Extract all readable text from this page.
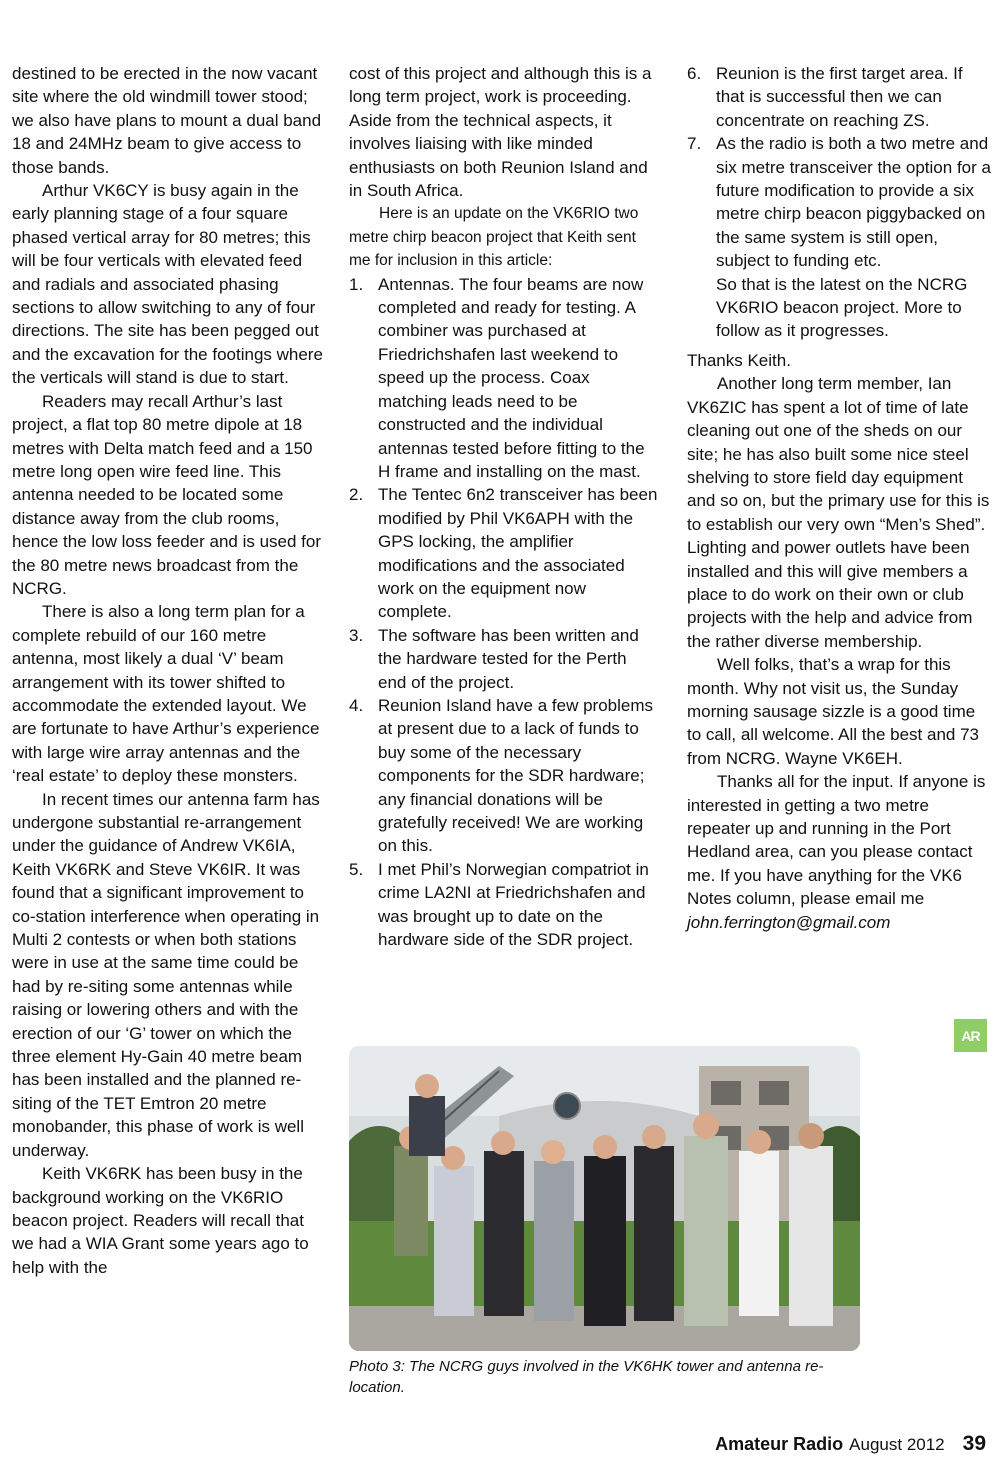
destined to be erected in the now vacant site where the old windmill tower stood; we also have plans to mount a dual band 18 and 24MHz beam to give access to those bands.

Arthur VK6CY is busy again in the early planning stage of a four square phased vertical array for 80 metres; this will be four verticals with elevated feed and radials and associated phasing sections to allow switching to any of four directions. The site has been pegged out and the excavation for the footings where the verticals will stand is due to start.

Readers may recall Arthur’s last project, a flat top 80 metre dipole at 18 metres with Delta match feed and a 150 metre long open wire feed line. This antenna needed to be located some distance away from the club rooms, hence the low loss feeder and is used for the 80 metre news broadcast from the NCRG.

There is also a long term plan for a complete rebuild of our 160 metre antenna, most likely a dual ‘V’ beam arrangement with its tower shifted to accommodate the extended layout. We are fortunate to have Arthur’s experience with large wire array antennas and the ‘real estate’ to deploy these monsters.

In recent times our antenna farm has undergone substantial re-arrangement under the guidance of Andrew VK6IA, Keith VK6RK and Steve VK6IR. It was found that a significant improvement to co-station interference when operating in Multi 2 contests or when both stations were in use at the same time could be had by re-siting some antennas while raising or lowering others and with the erection of our ‘G’ tower on which the three element Hy-Gain 40 metre beam has been installed and the planned re-siting of the TET Emtron 20 metre monobander, this phase of work is well underway.

Keith VK6RK has been busy in the background working on the VK6RIO beacon project. Readers will recall that we had a WIA Grant some years ago to help with the

cost of this project and although this is a long term project, work is proceeding. Aside from the technical aspects, it involves liaising with like minded enthusiasts on both Reunion Island and in South Africa.

Here is an update on the VK6RIO two metre chirp beacon project that Keith sent me for inclusion in this article:

1. Antennas. The four beams are now completed and ready for testing. A combiner was purchased at Friedrichshafen last weekend to speed up the process. Coax matching leads need to be constructed and the individual antennas tested before fitting to the H frame and installing on the mast.
2. The Tentec 6n2 transceiver has been modified by Phil VK6APH with the GPS locking, the amplifier modifications and the associated work on the equipment now complete.
3. The software has been written and the hardware tested for the Perth end of the project.
4. Reunion Island have a few problems at present due to a lack of funds to buy some of the necessary components for the SDR hardware; any financial donations will be gratefully received! We are working on this.
5. I met Phil’s Norwegian compatriot in crime LA2NI at Friedrichshafen and was brought up to date on the hardware side of the SDR project.
6. Reunion is the first target area. If that is successful then we can concentrate on reaching ZS.
7. As the radio is both a two metre and six metre transceiver the option for a future modification to provide a six metre chirp beacon piggybacked on the same system is still open, subject to funding etc.
So that is the latest on the NCRG VK6RIO beacon project. More to follow as it progresses.

Thanks Keith.

Another long term member, Ian VK6ZIC has spent a lot of time of late cleaning out one of the sheds on our site; he has also built some nice steel shelving to store field day equipment and so on, but the primary use for this is to establish our very own “Men’s Shed”. Lighting and power outlets have been installed and this will give members a place to do work on their own or club projects with the help and advice from the rather diverse membership.

Well folks, that’s a wrap for this month. Why not visit us, the Sunday morning sausage sizzle is a good time to call, all welcome. All the best and 73 from NCRG. Wayne VK6EH.

Thanks all for the input. If anyone is interested in getting a two metre repeater up and running in the Port Hedland area, can you please contact me. If you have anything for the VK6 Notes column, please email me john.ferrington@gmail.com

AR
Photo 3: The NCRG guys involved in the VK6HK tower and antenna re-location.
Amateur Radio August 2012 39
